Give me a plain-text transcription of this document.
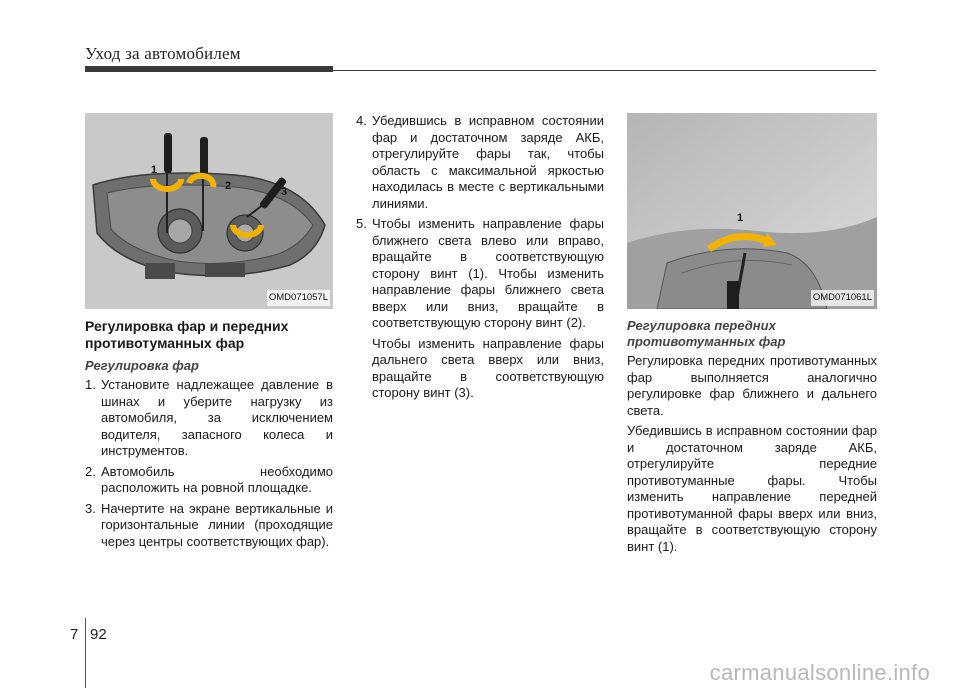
Уход за автомобилем
1
2	3
OMD071057L
Регулировка фар и передних противотуманных фар
Регулировка фар
1. Установите надлежащее давление в шинах и уберите нагрузку из автомобиля, за исключением водителя, запасного колеса и инструментов.
2. Автомобиль необходимо расположить на ровной площадке.
3. Начертите на экране вертикальные и горизонтальные линии (проходящие через центры соответствующих фар).
4. Убедившись в исправном состоянии фар и достаточном заряде АКБ, отрегулируйте фары так, чтобы область с максимальной яркостью находилась в месте с вертикальными линиями.
5. Чтобы изменить направление фары ближнего света влево или вправо, вращайте в соответствующую сторону винт (1). Чтобы изменить направление фары ближнего света вверх или вниз, вращайте в соответствующую сторону винт (2).

Чтобы изменить направление фары дальнего света вверх или вниз, вращайте в соответствующую сторону винт (3).

1
OMD071061L
Регулировка передних противотуманных фар

Регулировка передних противотуманных фар выполняется аналогично регулировке фар ближнего и дальнего света.

Убедившись в исправном состоянии фар и достаточном заряде АКБ, отрегулируйте передние противотуманные фары. Чтобы изменить направление передней противотуманной фары вверх или вниз, вращайте в соответствующую сторону винт (1).

7 92
carmanualsonline.info
